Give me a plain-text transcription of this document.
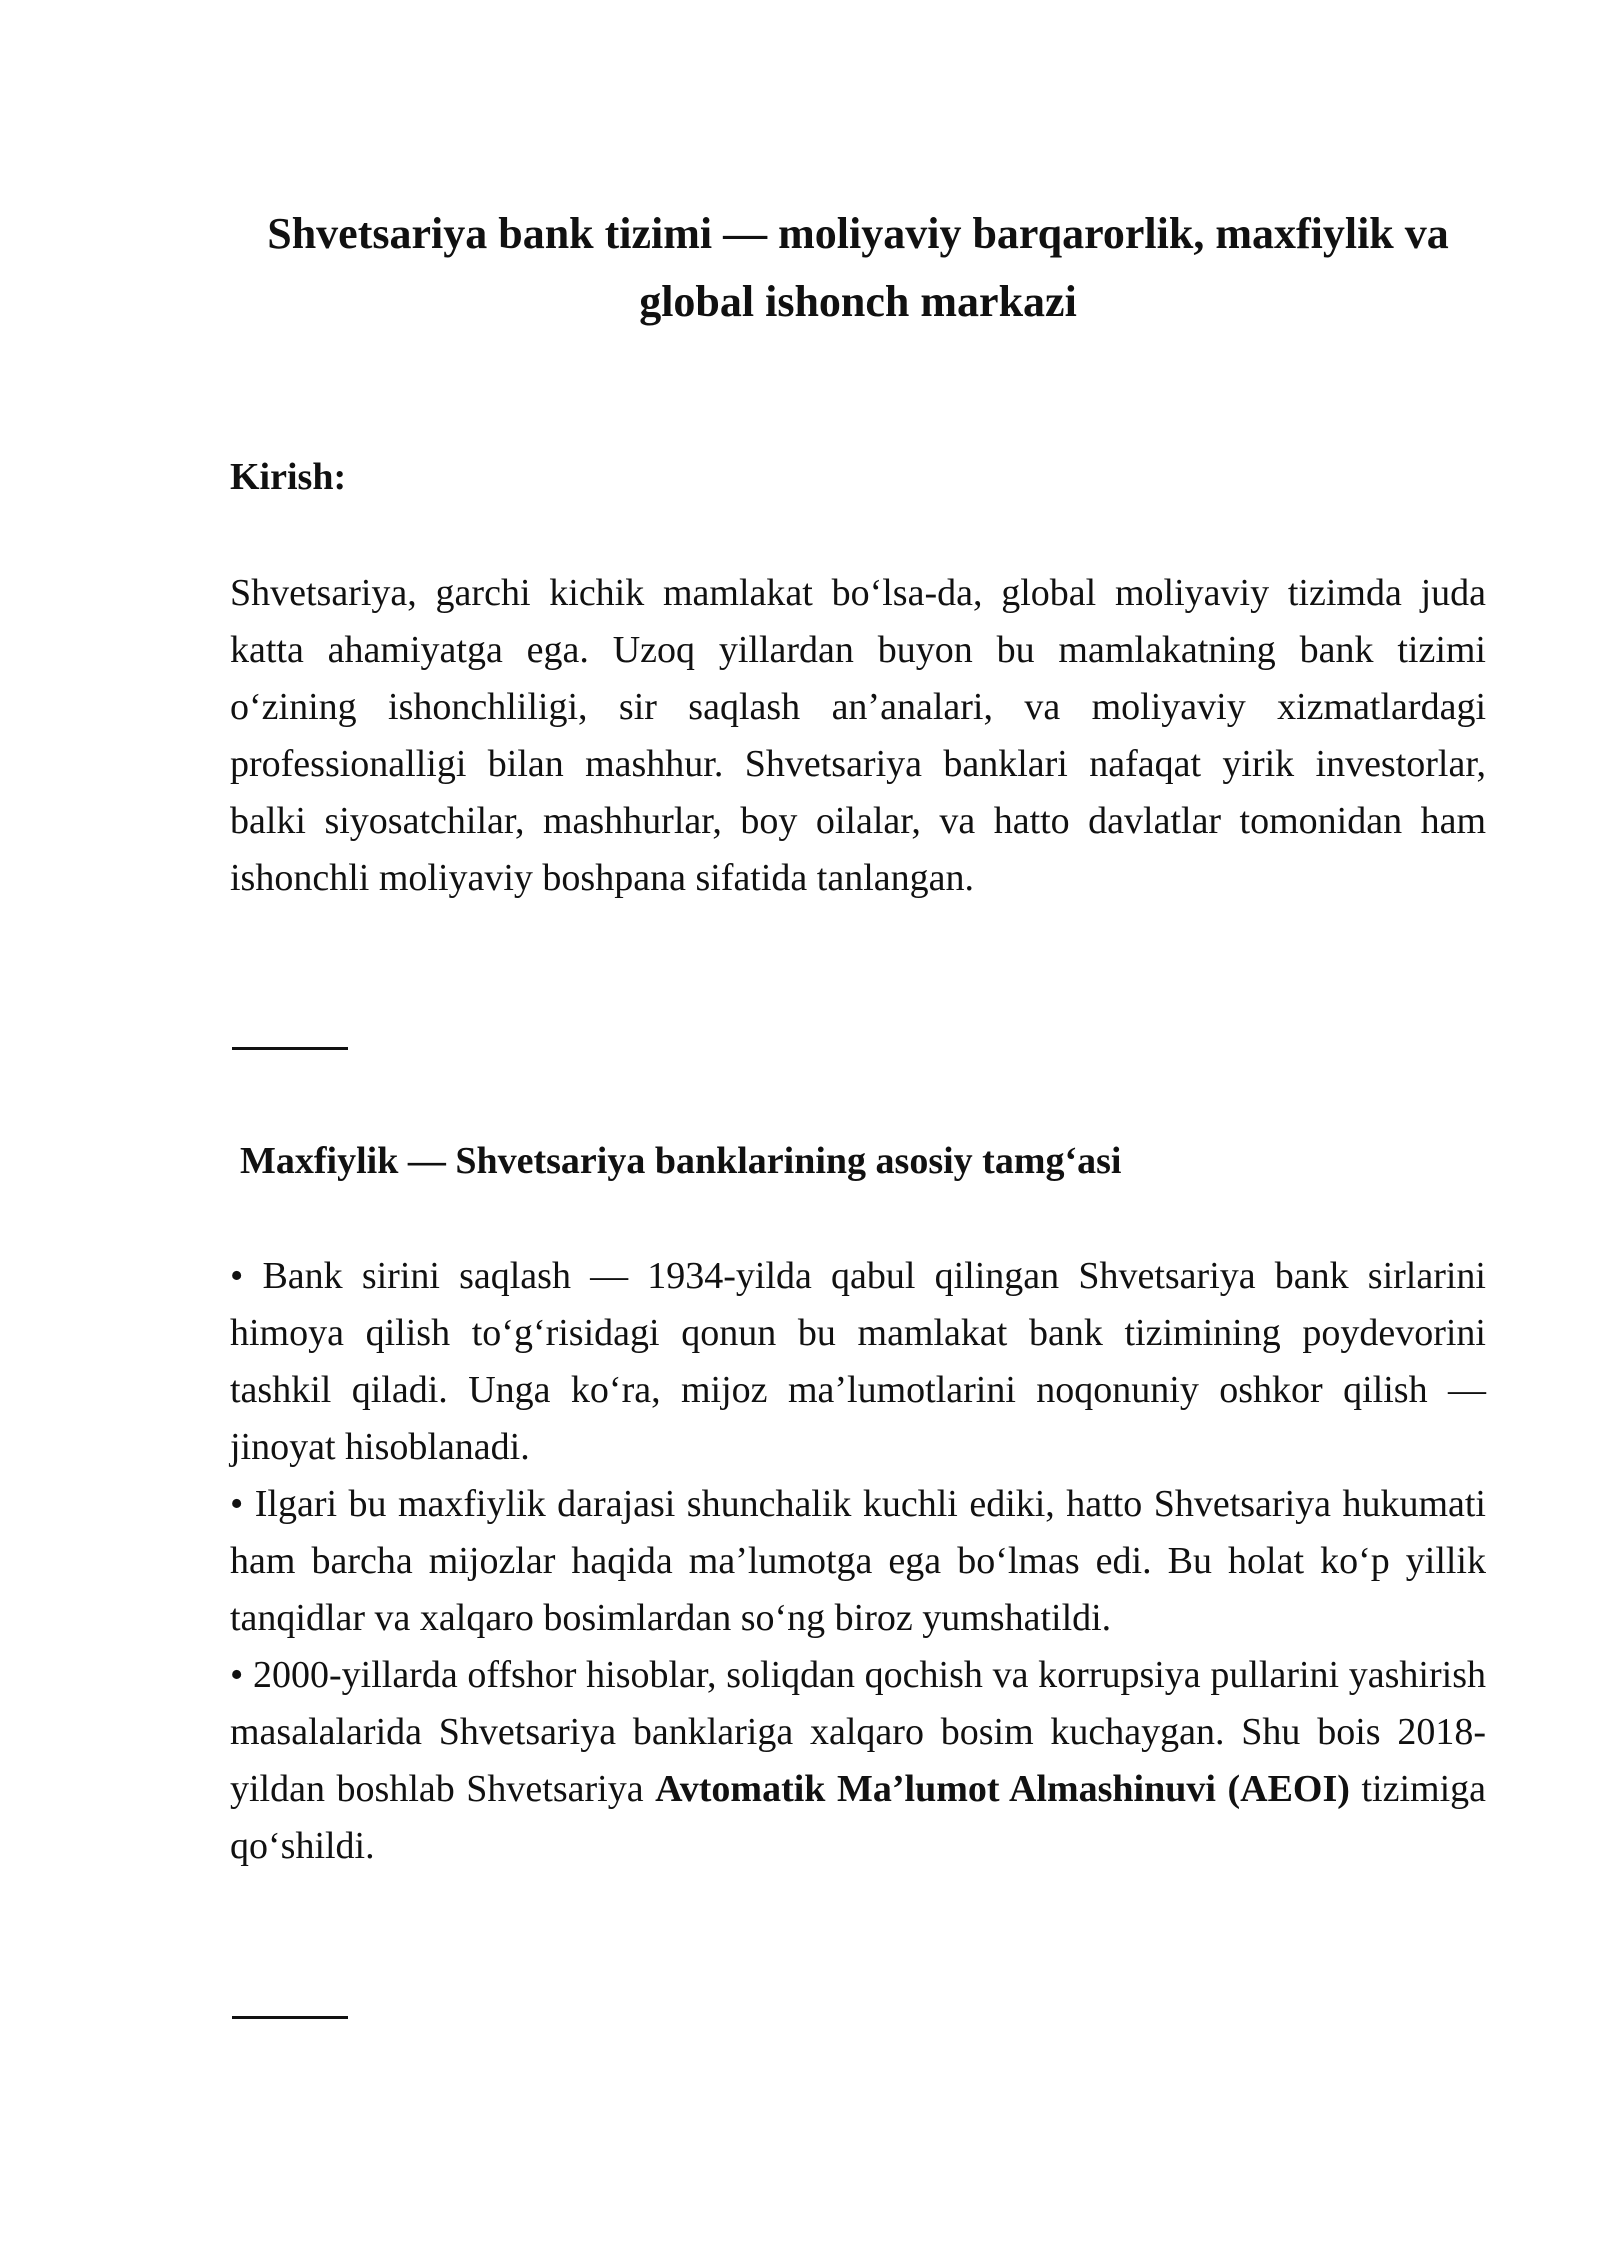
Shvetsariya bank tizimi — moliyaviy barqarorlik, maxfiylik va global ishonch markazi
Kirish:

Shvetsariya, garchi kichik mamlakat bo‘lsa-da, global moliyaviy tizimda juda katta ahamiyatga ega. Uzoq yillardan buyon bu mamlakatning bank tizimi o‘zining ishonchliligi, sir saqlash an’analari, va moliyaviy xizmatlardagi professionalligi bilan mashhur. Shvetsariya banklari nafaqat yirik investorlar, balki siyosatchilar, mashhurlar, boy oilalar, va hatto davlatlar tomonidan ham ishonchli moliyaviy boshpana sifatida tanlangan.

Maxfiylik — Shvetsariya banklarining asosiy tamg‘asi
• Bank sirini saqlash — 1934-yilda qabul qilingan Shvetsariya bank sirlarini himoya qilish to‘g‘risidagi qonun bu mamlakat bank tizimining poydevorini tashkil qiladi. Unga ko‘ra, mijoz ma’lumotlarini noqonuniy oshkor qilish — jinoyat hisoblanadi.
• Ilgari bu maxfiylik darajasi shunchalik kuchli ediki, hatto Shvetsariya hukumati ham barcha mijozlar haqida ma’lumotga ega bo‘lmas edi. Bu holat ko‘p yillik tanqidlar va xalqaro bosimlardan so‘ng biroz yumshatildi.
• 2000-yillarda offshor hisoblar, soliqdan qochish va korrupsiya pullarini yashirish masalalarida Shvetsariya banklariga xalqaro bosim kuchaygan. Shu bois 2018-yildan boshlab Shvetsariya Avtomatik Ma’lumot Almashinuvi (AEOI) tizimiga qo‘shildi.
